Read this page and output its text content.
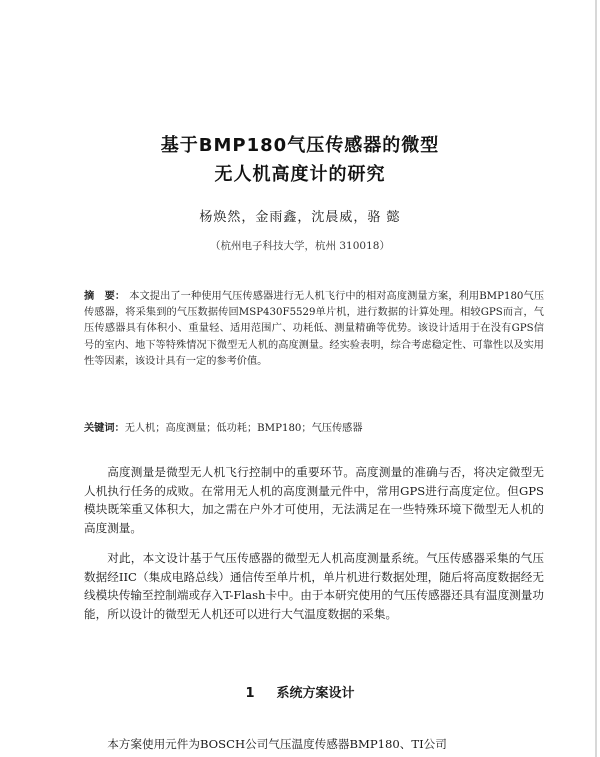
基于BMP180气压传感器的微型
无人机高度计的研究
杨焕然，金雨鑫，沈晨威，骆 懿
（杭州电子科技大学，杭州 310018）
摘　要： 本文提出了一种使用气压传感器进行无人机飞行中的相对高度测量方案，利用BMP180气压传感器，将采集到的气压数据传回MSP430F5529单片机，进行数据的计算处理。相较GPS而言，气压传感器具有体积小、重量轻、适用范围广、功耗低、测量精确等优势。该设计适用于在没有GPS信号的室内、地下等特殊情况下微型无人机的高度测量。经实验表明，综合考虑稳定性、可靠性以及实用性等因素，该设计具有一定的参考价值。
关键词：无人机；高度测量；低功耗；BMP180；气压传感器
高度测量是微型无人机飞行控制中的重要环节。高度测量的准确与否，将决定微型无人机执行任务的成败。在常用无人机的高度测量元件中，常用GPS进行高度定位。但GPS模块既笨重又体积大，加之需在户外才可使用，无法满足在一些特殊环境下微型无人机的高度测量。
对此，本文设计基于气压传感器的微型无人机高度测量系统。气压传感器采集的气压数据经IIC（集成电路总线）通信传至单片机，单片机进行数据处理，随后将高度数据经无线模块传输至控制端或存入T-Flash卡中。由于本研究使用的气压传感器还具有温度测量功能，所以设计的微型无人机还可以进行大气温度数据的采集。
1 系统方案设计
本方案使用元件为BOSCH公司气压温度传感器BMP180、TI公司
